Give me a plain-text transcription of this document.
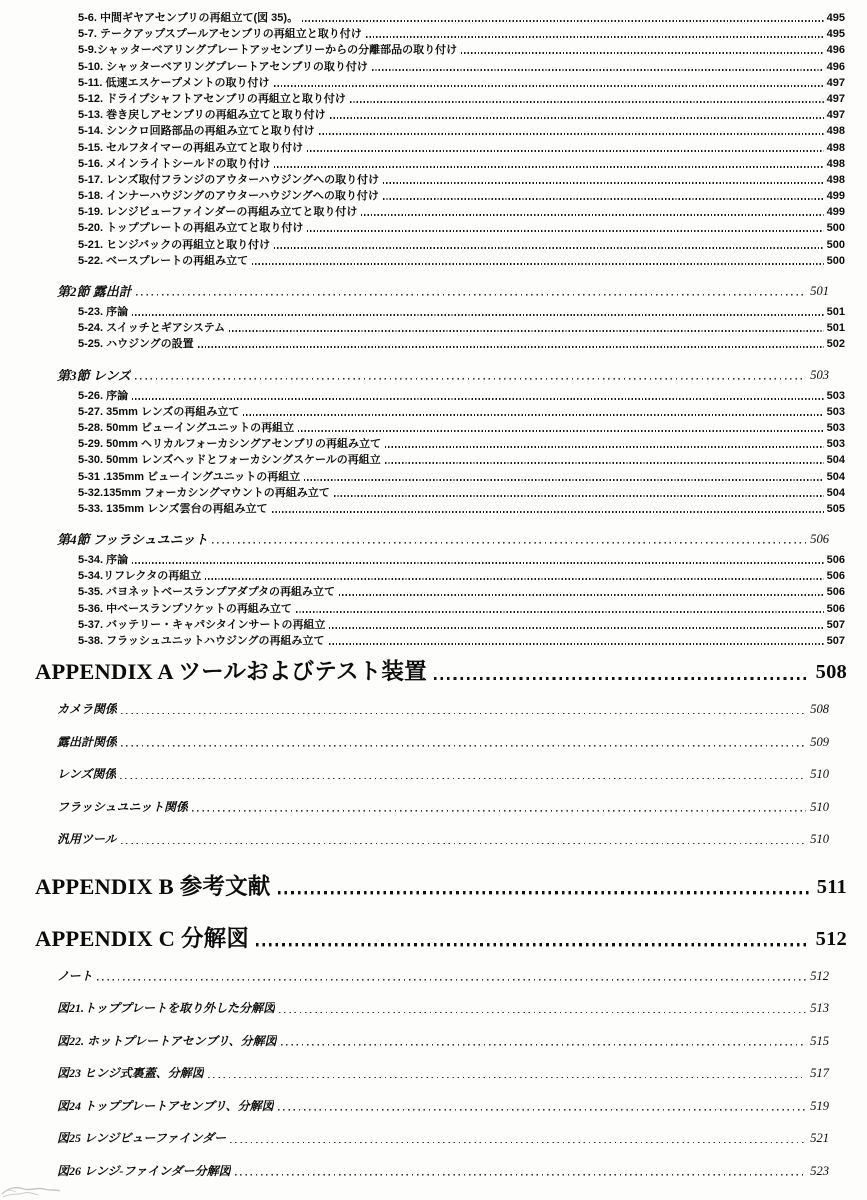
5-6. 中間ギヤアセンブリの再組立て(図 35)。	495
5-7. テークアップスプールアセンブリの再組立と取り付け	495
5-9.シャッターベアリングプレートアッセンブリーからの分離部品の取り付け	496
5-10. シャッターベアリングプレートアセンブリの取り付け	496
5-11. 低速エスケープメントの取り付け	497
5-12. ドライブシャフトアセンブリの再組立と取り付け	497
5-13. 巻き戻しアセンブリの再組み立てと取り付け	497
5-14. シンクロ回路部品の再組み立てと取り付け	498
5-15. セルフタイマーの再組み立てと取り付け	498
5-16. メインライトシールドの取り付け	498
5-17. レンズ取付フランジのアウターハウジングへの取り付け	498
5-18. インナーハウジングのアウターハウジングへの取り付け	499
5-19. レンジビューファインダーの再組み立てと取り付け	499
5-20. トッププレートの再組み立てと取り付け	500
5-21. ヒンジバックの再組立と取り付け	500
5-22. ベースプレートの再組み立て	500
第2節 露出計	501
5-23. 序論	501
5-24. スイッチとギアシステム	501
5-25. ハウジングの設置	502
第3節 レンズ	503
5-26. 序論	503
5-27. 35mm レンズの再組み立て	503
5-28. 50mm ビューイングユニットの再組立	503
5-29. 50mm ヘリカルフォーカシングアセンブリの再組み立て	503
5-30. 50mm レンズヘッドとフォーカシングスケールの再組立	504
5-31 .135mm ビューイングユニットの再組立	504
5-32.135mm フォーカシングマウントの再組み立て	504
5-33. 135mm レンズ雲台の再組み立て	505
第4節 フッラシュユニット	506
5-34. 序論	506
5-34.リフレクタの再組立	506
5-35. バヨネットベースランプアダプタの再組み立て	506
5-36. 中ベースランプソケットの再組み立て	506
5-37. バッテリー・キャパシタインサートの再組立	507
5-38. フラッシュユニットハウジングの再組み立て	507
APPENDIX A ツールおよびテスト装置	508
カメラ関係	508
露出計関係	509
レンズ関係	510
フラッシュユニット関係	510
汎用ツール	510
APPENDIX B 参考文献	511
APPENDIX C 分解図	512
ノート	512
図21.トッププレートを取り外した分解図	513
図22. ホットプレートアセンブリ、分解図	515
図23 ヒンジ式裏蓋、分解図	517
図24 トッププレートアセンブリ、分解図	519
図25 レンジビューファインダー	521
図26 レンジ-ファインダー分解図	523
